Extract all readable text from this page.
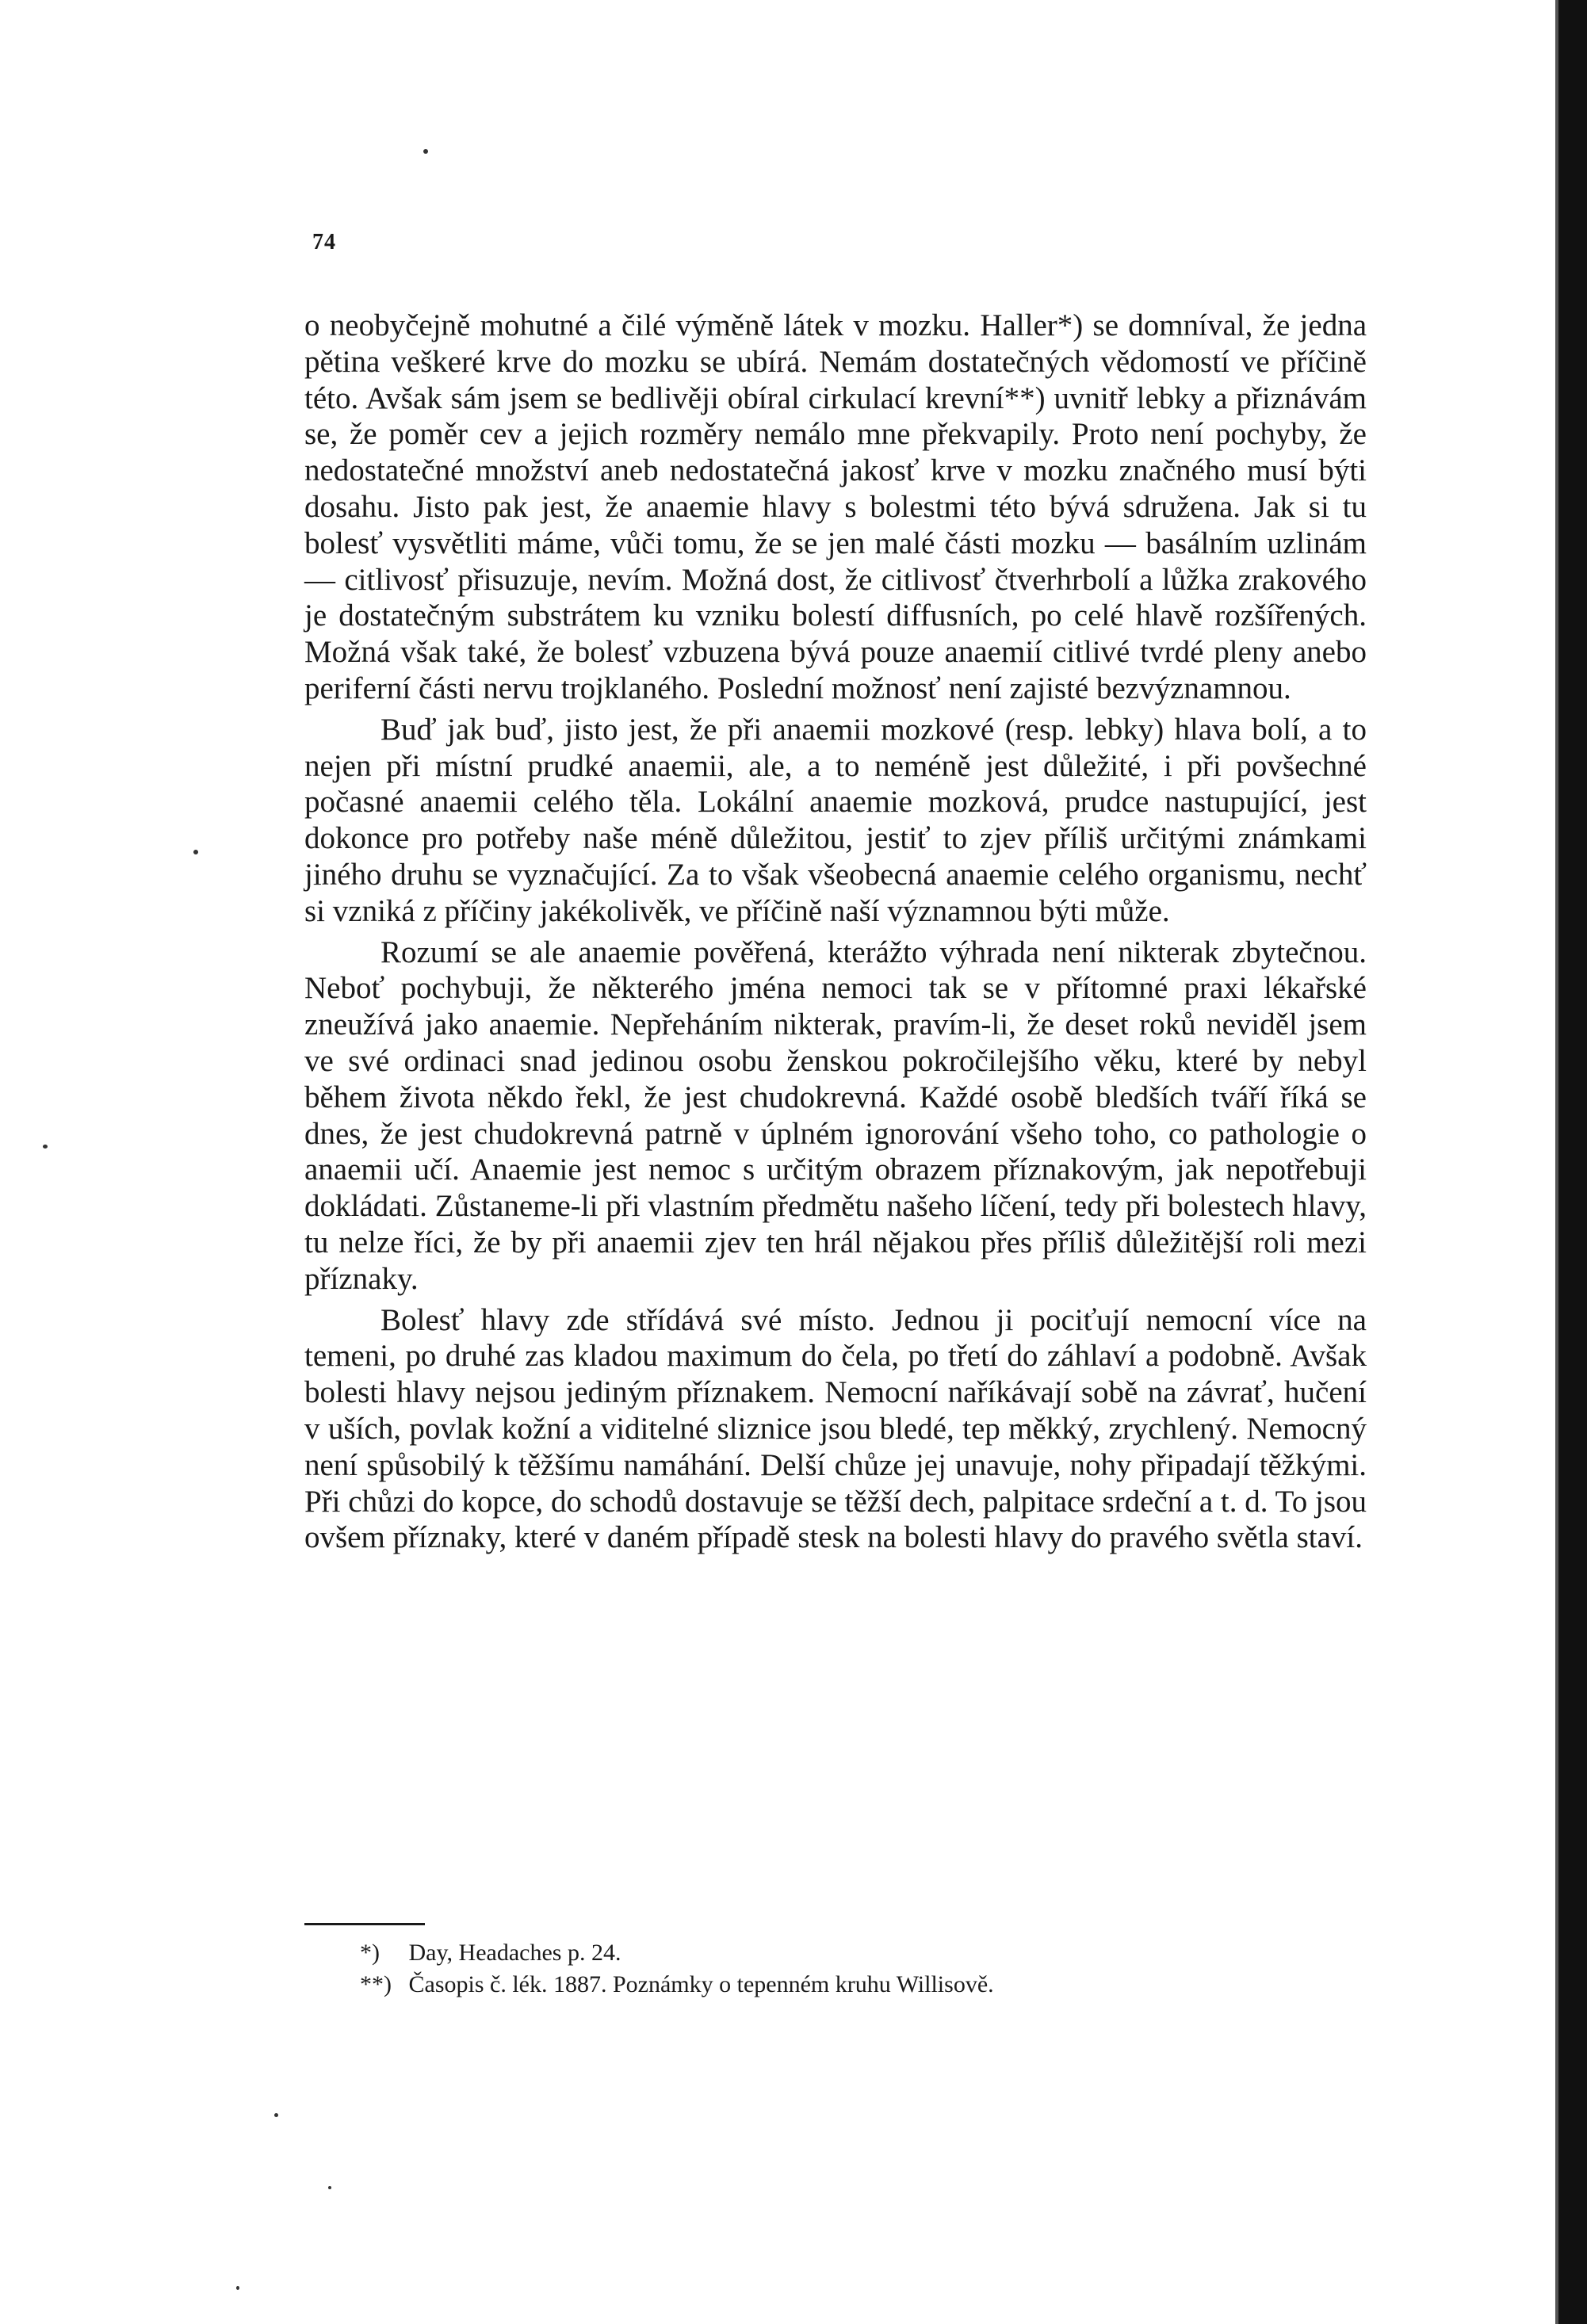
74

o neobyčejně mohutné a čilé výměně látek v mozku. Haller*) se domníval, že jedna pětina veškeré krve do mozku se ubírá. Nemám dostatečných vědomostí ve příčině této. Avšak sám jsem se bedlivěji obíral cirkulací krevní**) uvnitř lebky a přiznávám se, že poměr cev a jejich rozměry nemálo mne překvapily. Proto není pochyby, že nedostatečné množství aneb nedostatečná jakosť krve v mozku značného musí býti dosahu. Jisto pak jest, že anaemie hlavy s bolestmi této bývá sdružena. Jak si tu bolesť vysvětliti máme, vůči tomu, že se jen malé části mozku — basálním uzlinám — citlivosť přisuzuje, nevím. Možná dost, že citlivosť čtverhrbolí a lůžka zrakového je dostatečným substrátem ku vzniku bolestí diffusních, po celé hlavě rozšířených. Možná však také, že bolesť vzbuzena bývá pouze anaemií citlivé tvrdé pleny anebo periferní části nervu trojklaného. Poslední možnosť není zajisté bezvýznamnou.

Buď jak buď, jisto jest, že při anaemii mozkové (resp. lebky) hlava bolí, a to nejen při místní prudké anaemii, ale, a to neméně jest důležité, i při povšechné počasné anaemii celého těla. Lokální anaemie mozková, prudce nastupující, jest dokonce pro potřeby naše méně důležitou, jestiť to zjev příliš určitými známkami jiného druhu se vyznačující. Za to však všeobecná anaemie celého organismu, nechť si vzniká z příčiny jakékolivěk, ve příčině naší významnou býti může.

Rozumí se ale anaemie pověřená, kterážto výhrada není nikterak zbytečnou. Neboť pochybuji, že některého jména nemoci tak se v přítomné praxi lékařské zneužívá jako anaemie. Nepřeháním nikterak, pravím-li, že deset roků neviděl jsem ve své ordinaci snad jedinou osobu ženskou pokročilejšího věku, které by nebyl během života někdo řekl, že jest chudokrevná. Každé osobě bledších tváří říká se dnes, že jest chudokrevná patrně v úplném ignorování všeho toho, co pathologie o anaemii učí. Anaemie jest nemoc s určitým obrazem příznakovým, jak nepotřebuji dokládati. Zůstaneme-li při vlastním předmětu našeho líčení, tedy při bolestech hlavy, tu nelze říci, že by při anaemii zjev ten hrál nějakou přes příliš důležitější roli mezi příznaky.

Bolesť hlavy zde střídává své místo. Jednou ji pociťují nemocní více na temeni, po druhé zas kladou maximum do čela, po třetí do záhlaví a podobně. Avšak bolesti hlavy nejsou jediným příznakem. Nemocní naříkávají sobě na závrať, hučení v uších, povlak kožní a viditelné sliznice jsou bledé, tep měkký, zrychlený. Nemocný není spůsobilý k těžšímu namáhání. Delší chůze jej unavuje, nohy připadají těžkými. Při chůzi do kopce, do schodů dostavuje se těžší dech, palpitace srdeční a t. d. To jsou ovšem příznaky, které v daném případě stesk na bolesti hlavy do pravého světla staví.

*) Day, Headaches p. 24.
**) Časopis č. lék. 1887. Poznámky o tepenném kruhu Willisově.
